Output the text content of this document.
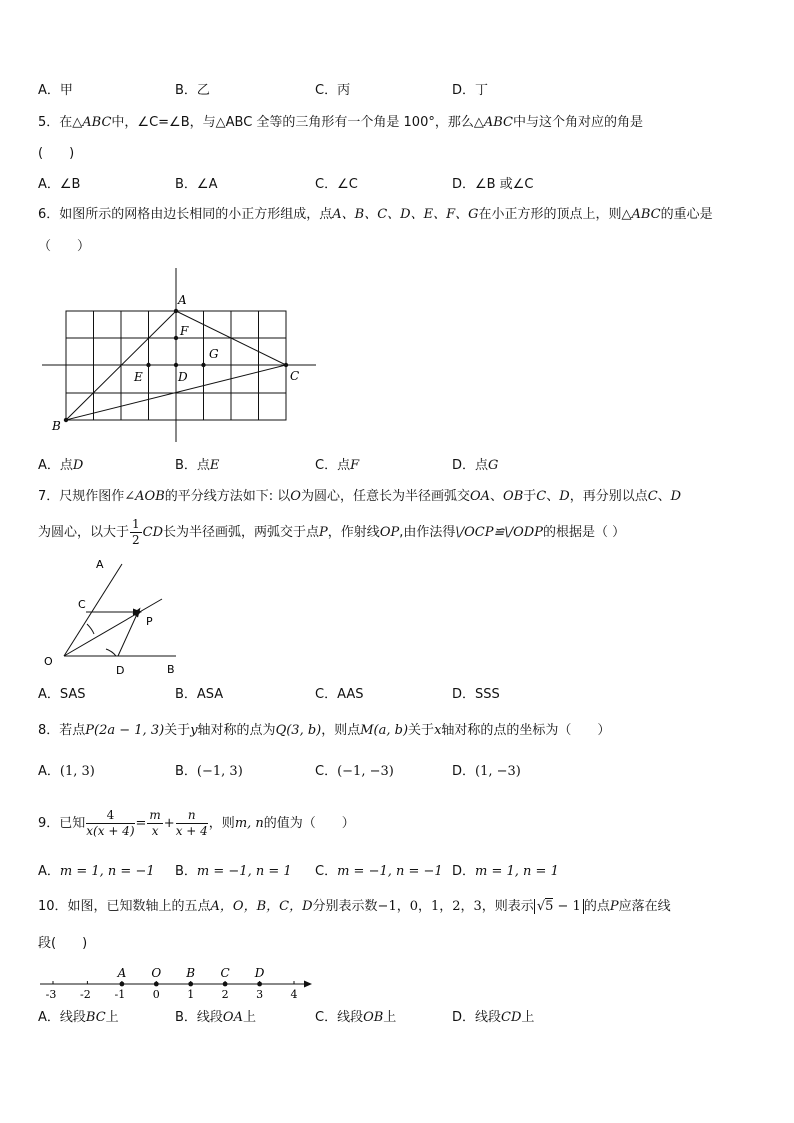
A．甲	B．乙	C．丙	D．丁
5．在△ABC中，∠C=∠B，与△ABC 全等的三角形有一个角是 100°，那么△ABC中与这个角对应的角是
(　　)
A．∠B	B．∠A	C．∠C	D．∠B 或∠C
6．如图所示的网格由边长相同的小正方形组成，点A、B、C、D、E、F、G在小正方形的顶点上，则△ABC的重心是
（　　）
A
F
G
E	D	C
B
A．点D	B．点E	C．点F	D．点G
7．尺规作图作∠AOB的平分线方法如下: 以O为圆心，任意长为半径画弧交OA、OB于C、D，再分别以点C、D
为圆心，以大于 $\frac{1}{2}$ CD长为半径画弧，两弧交于点P，作射线OP,由作法得\/OCP≌\/ODP的根据是（ ）
A
C
P
O
D	B
A．SAS	B．ASA	C．AAS	D．SSS
8．若点P(2a − 1, 3)关于y轴对称的点为Q(3, b)，则点M(a, b)关于x轴对称的点的坐标为（　　）
A．(1, 3)	B．(−1, 3)	C．(−1, −3)	D．(1, −3)
9．已知 $\frac{4}{x(x + 4)} = \frac{m}{x} + \frac{n}{x + 4}$ ，则m, n的值为（　　）
A．m = 1, n = −1 B．m = −1, n = 1 C．m = −1, n = −1 D．m = 1, n = 1
10．如图，已知数轴上的五点A，O，B，C，D分别表示数−1，0，1，2，3，则表示 √5 − 1 的点P应落在线
段(　　)
A O B C D
-3 -2 -1	0 1 2	3 4
A．线段BC上	B．线段OA上	C．线段OB上	D．线段CD上
